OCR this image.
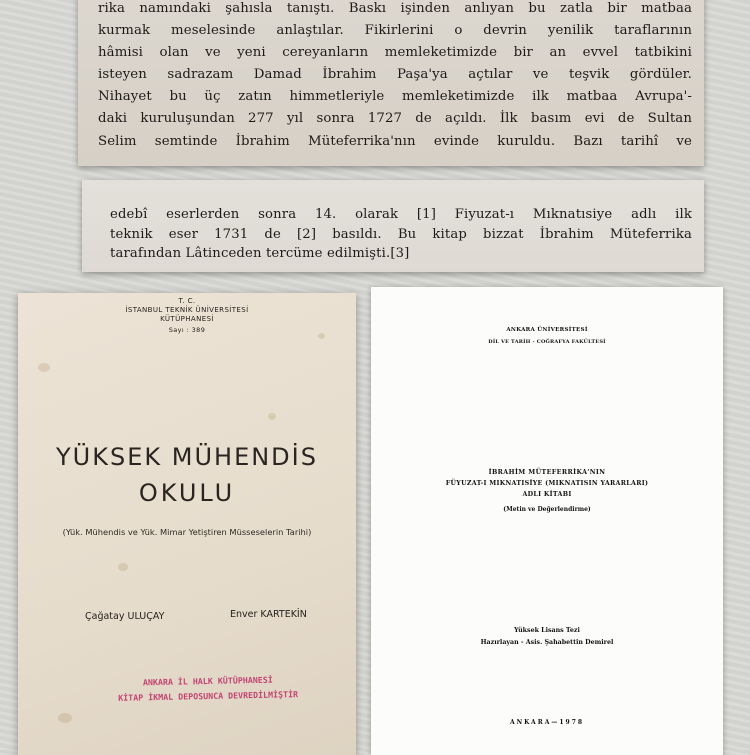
rika namındaki şahısla tanıştı. Baskı işinden anlıyan bu zatla bir matbaa

kurmak meselesinde anlaştılar. Fikirlerini o devrin yenilik taraflarının

hâmisi olan ve yeni cereyanların memleketimizde bir an evvel tatbikini

isteyen sadrazam Damad İbrahim Paşa'ya açtılar ve teşvik gördüler.

Nihayet bu üç zatın himmetleriyle memleketimizde ilk matbaa Avrupa'-

daki kuruluşundan 277 yıl sonra 1727 de açıldı. İlk basım evi de Sultan

Selim semtinde İbrahim Müteferrika'nın evinde kuruldu. Bazı tarihî ve

edebî eserlerden sonra 14. olarak [1] Fiyuzat-ı Mıknatısiye adlı ilk

teknik eser 1731 de [2] basıldı. Bu kitap bizzat İbrahim Müteferrika

tarafından Lâtinceden tercüme edilmişti.[3]

T. C.
İSTANBUL TEKNİK ÜNİVERSİTESİ
KÜTÜPHANESİ
Sayı : 389
YÜKSEK MÜHENDİS
OKULU
(Yük. Mühendis ve Yük. Mimar Yetiştiren Müsseselerin Tarihi)
Çağatay ULUÇAY	Enver KARTEKİN
ANKARA İL HALK KÜTÜPHANESİ
KİTAP İKMAL DEPOSUNCA DEVREDİLMİŞTİR
ANKARA ÜNİVERSİTESİ
DİL VE TARİH - COĞRAFYA FAKÜLTESİ
İBRAHİM MÜTEFERRİKA'NIN
FÜYUZAT-I MIKNATISİYE (MIKNATISIN YARARLARI)
ADLI KİTABI
(Metin ve Değerlendirme)
Yüksek Lisans Tezi
Hazırlayan - Asis. Şahabettin Demirel
ANKARA—1978
